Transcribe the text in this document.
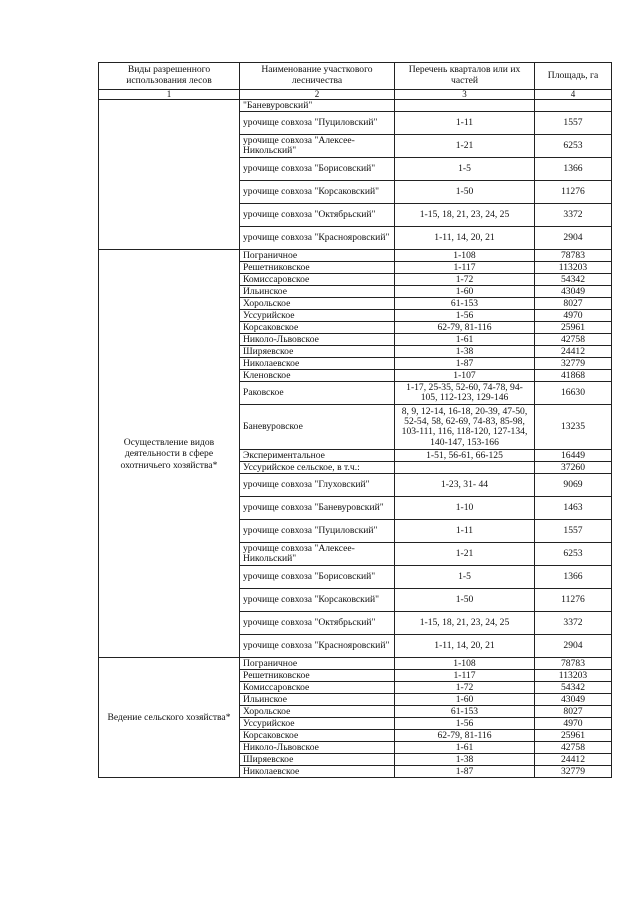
Виды разрешенного использования лесов	Наименование участкового лесничества	Перечень кварталов или их частей	Площадь, га
1	2	3	4
	"Баневуровский"		
	урочище совхоза "Пуциловский"	1-11	1557
	урочище совхоза "Алексее-Никольский"	1-21	6253
	урочище совхоза "Борисовский"	1-5	1366
	урочище совхоза "Корсаковский"	1-50	11276
	урочище совхоза "Октябрьский"	1-15, 18, 21, 23, 24, 25	3372
	урочище совхоза "Краснояровский"	1-11, 14, 20, 21	2904
Осуществление видов деятельности в сфере охотничьего хозяйства*	Пограничное	1-108	78783
	Решетниковское	1-117	113203
	Комиссаровское	1-72	54342
	Ильинское	1-60	43049
	Хорольское	61-153	8027
	Уссурийское	1-56	4970
	Корсаковское	62-79, 81-116	25961
	Николо-Львовское	1-61	42758
	Ширяевское	1-38	24412
	Николаевское	1-87	32779
	Кленовское	1-107	41868
	Раковское	1-17, 25-35, 52-60, 74-78, 94-105, 112-123, 129-146	16630
	Баневуровское	8, 9, 12-14, 16-18, 20-39, 47-50, 52-54, 58, 62-69, 74-83, 85-98, 103-111, 116, 118-120, 127-134, 140-147, 153-166	13235
	Экспериментальное	1-51, 56-61, 66-125	16449
	Уссурийское сельское, в т.ч.:		37260
	урочище совхоза "Глуховский"	1-23, 31- 44	9069
	урочище совхоза "Баневуровский"	1-10	1463
	урочище совхоза "Пуциловский"	1-11	1557
	урочище совхоза "Алексее-Никольский"	1-21	6253
	урочище совхоза "Борисовский"	1-5	1366
	урочище совхоза "Корсаковский"	1-50	11276
	урочище совхоза "Октябрьский"	1-15, 18, 21, 23, 24, 25	3372
	урочище совхоза "Краснояровский"	1-11, 14, 20, 21	2904
Ведение сельского хозяйства*	Пограничное	1-108	78783
	Решетниковское	1-117	113203
	Комиссаровское	1-72	54342
	Ильинское	1-60	43049
	Хорольское	61-153	8027
	Уссурийское	1-56	4970
	Корсаковское	62-79, 81-116	25961
	Николо-Львовское	1-61	42758
	Ширяевское	1-38	24412
	Николаевское	1-87	32779
